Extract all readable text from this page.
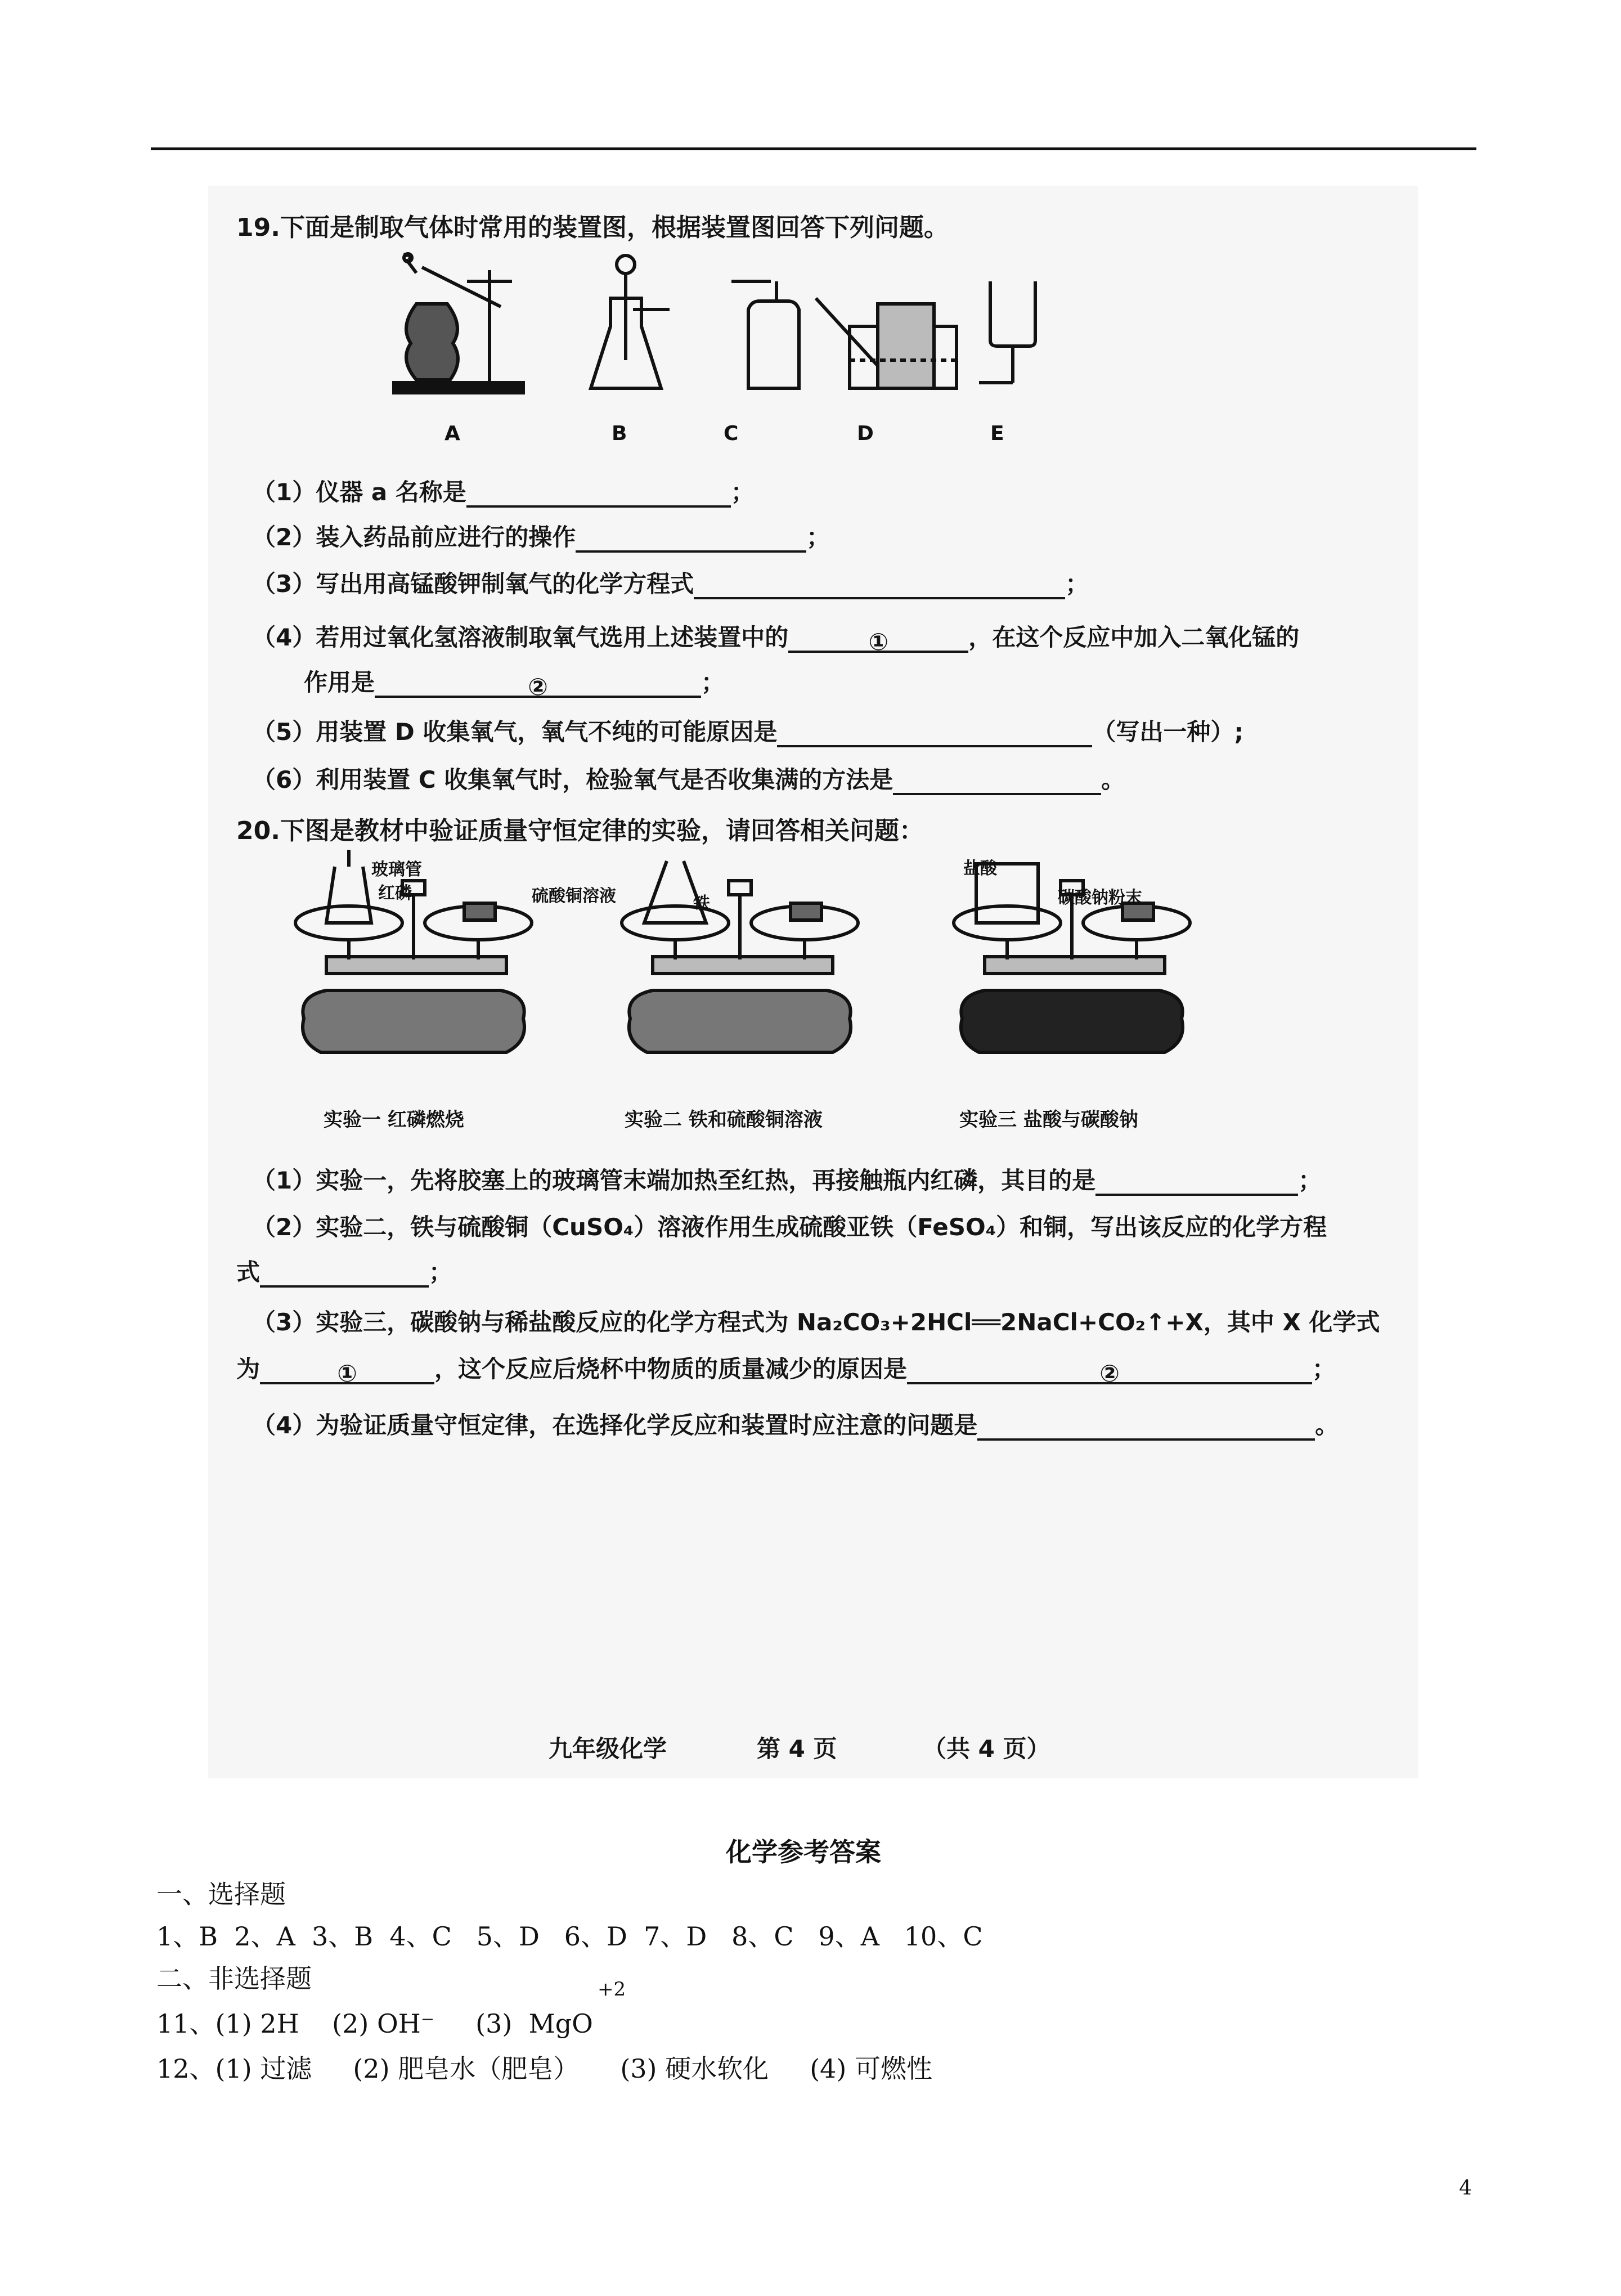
19.下面是制取气体时常用的装置图，根据装置图回答下列问题。
A	B	C	D	E
a
（1）仪器 a 名称是	；
（2）装入药品前应进行的操作	；
（3）写出用高锰酸钾制氧气的化学方程式	；
（4）若用过氧化氢溶液制取氧气选用上述装置中的	①	，在这个反应中加入二氧化锰的
作用是	②	；
（5）用装置 D 收集氧气，氧气不纯的可能原因是	（写出一种）;
（6）利用装置 C 收集氧气时，检验氧气是否收集满的方法是	。
20.下图是教材中验证质量守恒定律的实验，请回答相关问题：
玻璃管
红磷	硫酸铜溶液	铁
盐酸
碳酸钠粉末
实验一 红磷燃烧	实验二 铁和硫酸铜溶液	实验三 盐酸与碳酸钠
（1）实验一，先将胶塞上的玻璃管末端加热至红热，再接触瓶内红磷，其目的是	；
（2）实验二，铁与硫酸铜（CuSO₄）溶液作用生成硫酸亚铁（FeSO₄）和铜，写出该反应的化学方程
式	；
（3）实验三，碳酸钠与稀盐酸反应的化学方程式为 Na₂CO₃+2HCl══2NaCl+CO₂↑+X，其中 X 化学式
为	①	，这个反应后烧杯中物质的质量减少的原因是	②	；
（4）为验证质量守恒定律，在选择化学反应和装置时应注意的问题是	。
九年级化学	第 4 页	（共 4 页）
化学参考答案
一、选择题
1、B  2、A  3、B  4、C   5、D   6、D  7、D   8、C   9、A   10、C
二、非选择题	+2
11、(1) 2H    (2) OH⁻     (3)  MgO
12、(1) 过滤     (2) 肥皂水（肥皂）     (3) 硬水软化     (4) 可燃性
4
